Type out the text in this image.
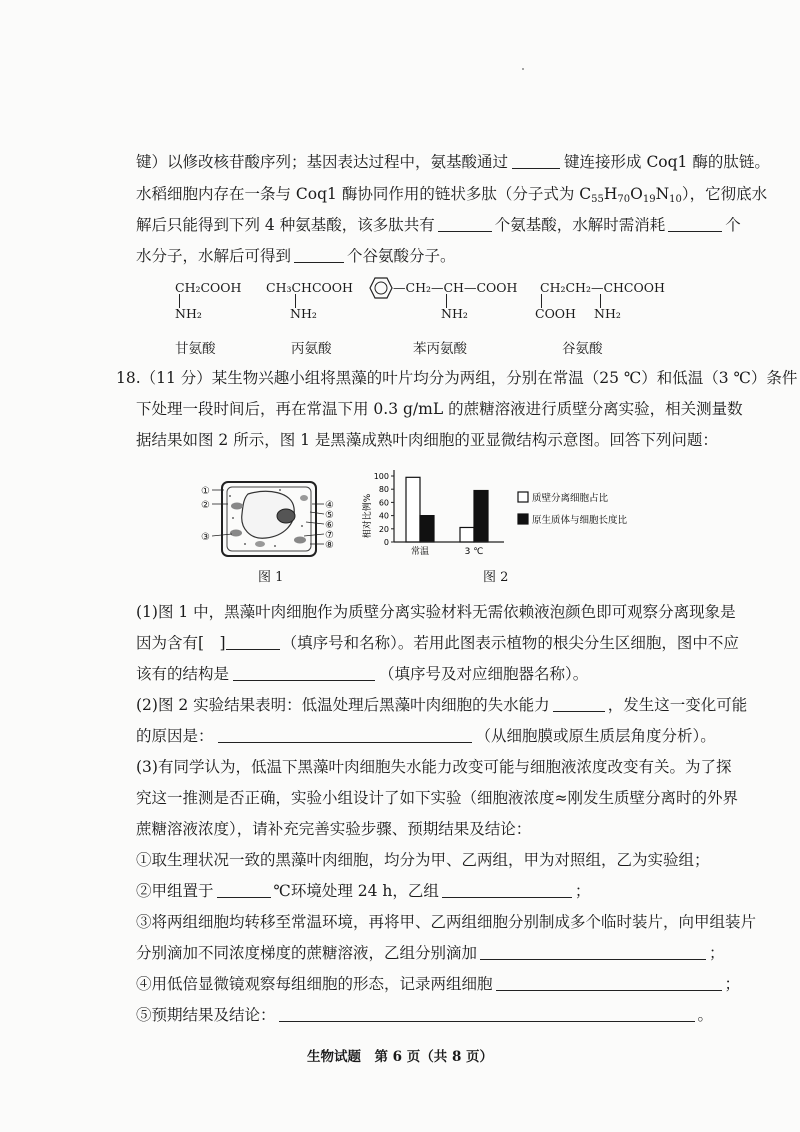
键）以修改核苷酸序列；基因表达过程中，氨基酸通过	键连接形成 Coq1 酶的肽链。
水稻细胞内存在一条与 Coq1 酶协同作用的链状多肽（分子式为 $C_{55}H_{70}O_{19}N_{10}$），它彻底水
解后只能得到下列 4 种氨基酸，该多肽共有	个氨基酸，水解时需消耗	个
水分子，水解后可得到	个谷氨酸分子。
CH₂COOH
NH₂
甘氨酸
CH₃CHCOOH
NH₂
丙氨酸
—CH₂—CH—COOH
NH₂
苯丙氨酸
CH₂CH₂—CHCOOH
COOH NH₂
谷氨酸
18.（11 分）某生物兴趣小组将黑藻的叶片均分为两组，分别在常温（25 ℃）和低温（3 ℃）条件
下处理一段时间后，再在常温下用 0.3 g/mL 的蔗糖溶液进行质壁分离实验，相关测量数
据结果如图 2 所示，图 1 是黑藻成熟叶肉细胞的亚显微结构示意图。回答下列问题：
①
②
③
④
⑤
⑥
⑦
⑧
图 1
相对比例%
0
20
40
60
80
100
常温	3 ℃
质壁分离细胞占比
原生质体与细胞长度比
图 2
(1)图 1 中，黑藻叶肉细胞作为质壁分离实验材料无需依赖液泡颜色即可观察分离现象是
因为含有[　]	（填序号和名称）。若用此图表示植物的根尖分生区细胞，图中不应
该有的结构是	（填序号及对应细胞器名称）。
(2)图 2 实验结果表明：低温处理后黑藻叶肉细胞的失水能力	，发生这一变化可能
的原因是：	（从细胞膜或原生质层角度分析）。
(3)有同学认为，低温下黑藻叶肉细胞失水能力改变可能与细胞液浓度改变有关。为了探
究这一推测是否正确，实验小组设计了如下实验（细胞液浓度≈刚发生质壁分离时的外界
蔗糖溶液浓度），请补充完善实验步骤、预期结果及结论：
①取生理状况一致的黑藻叶肉细胞，均分为甲、乙两组，甲为对照组，乙为实验组；
②甲组置于	℃环境处理 24 h，乙组	；
③将两组细胞均转移至常温环境，再将甲、乙两组细胞分别制成多个临时装片，向甲组装片
分别滴加不同浓度梯度的蔗糖溶液，乙组分别滴加	；
④用低倍显微镜观察每组细胞的形态，记录两组细胞	；
⑤预期结果及结论：	。
生物试题　第 6 页（共 8 页）
